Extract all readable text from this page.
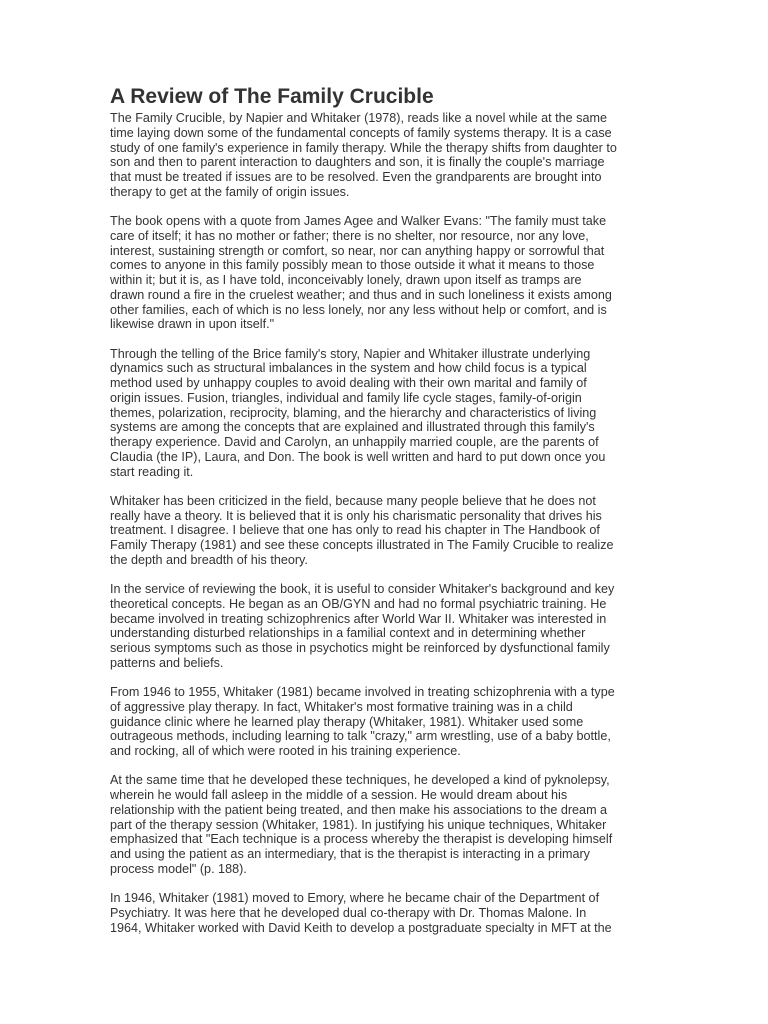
A Review of The Family Crucible

The Family Crucible, by Napier and Whitaker (1978), reads like a novel while at the same
time laying down some of the fundamental concepts of family systems therapy. It is a case
study of one family's experience in family therapy. While the therapy shifts from daughter to
son and then to parent interaction to daughters and son, it is finally the couple's marriage
that must be treated if issues are to be resolved. Even the grandparents are brought into
therapy to get at the family of origin issues.

The book opens with a quote from James Agee and Walker Evans: "The family must take
care of itself; it has no mother or father; there is no shelter, nor resource, nor any love,
interest, sustaining strength or comfort, so near, nor can anything happy or sorrowful that
comes to anyone in this family possibly mean to those outside it what it means to those
within it; but it is, as I have told, inconceivably lonely, drawn upon itself as tramps are
drawn round a fire in the cruelest weather; and thus and in such loneliness it exists among
other families, each of which is no less lonely, nor any less without help or comfort, and is
likewise drawn in upon itself."

Through the telling of the Brice family's story, Napier and Whitaker illustrate underlying
dynamics such as structural imbalances in the system and how child focus is a typical
method used by unhappy couples to avoid dealing with their own marital and family of
origin issues. Fusion, triangles, individual and family life cycle stages, family-of-origin
themes, polarization, reciprocity, blaming, and the hierarchy and characteristics of living
systems are among the concepts that are explained and illustrated through this family's
therapy experience. David and Carolyn, an unhappily married couple, are the parents of
Claudia (the IP), Laura, and Don. The book is well written and hard to put down once you
start reading it.

Whitaker has been criticized in the field, because many people believe that he does not
really have a theory. It is believed that it is only his charismatic personality that drives his
treatment. I disagree. I believe that one has only to read his chapter in The Handbook of
Family Therapy (1981) and see these concepts illustrated in The Family Crucible to realize
the depth and breadth of his theory.

In the service of reviewing the book, it is useful to consider Whitaker's background and key
theoretical concepts. He began as an OB/GYN and had no formal psychiatric training. He
became involved in treating schizophrenics after World War II. Whitaker was interested in
understanding disturbed relationships in a familial context and in determining whether
serious symptoms such as those in psychotics might be reinforced by dysfunctional family
patterns and beliefs.

From 1946 to 1955, Whitaker (1981) became involved in treating schizophrenia with a type
of aggressive play therapy. In fact, Whitaker's most formative training was in a child
guidance clinic where he learned play therapy (Whitaker, 1981). Whitaker used some
outrageous methods, including learning to talk "crazy," arm wrestling, use of a baby bottle,
and rocking, all of which were rooted in his training experience.

At the same time that he developed these techniques, he developed a kind of pyknolepsy,
wherein he would fall asleep in the middle of a session. He would dream about his
relationship with the patient being treated, and then make his associations to the dream a
part of the therapy session (Whitaker, 1981). In justifying his unique techniques, Whitaker
emphasized that "Each technique is a process whereby the therapist is developing himself
and using the patient as an intermediary, that is the therapist is interacting in a primary
process model" (p. 188).

In 1946, Whitaker (1981) moved to Emory, where he became chair of the Department of
Psychiatry. It was here that he developed dual co-therapy with Dr. Thomas Malone. In
1964, Whitaker worked with David Keith to develop a postgraduate specialty in MFT at the
